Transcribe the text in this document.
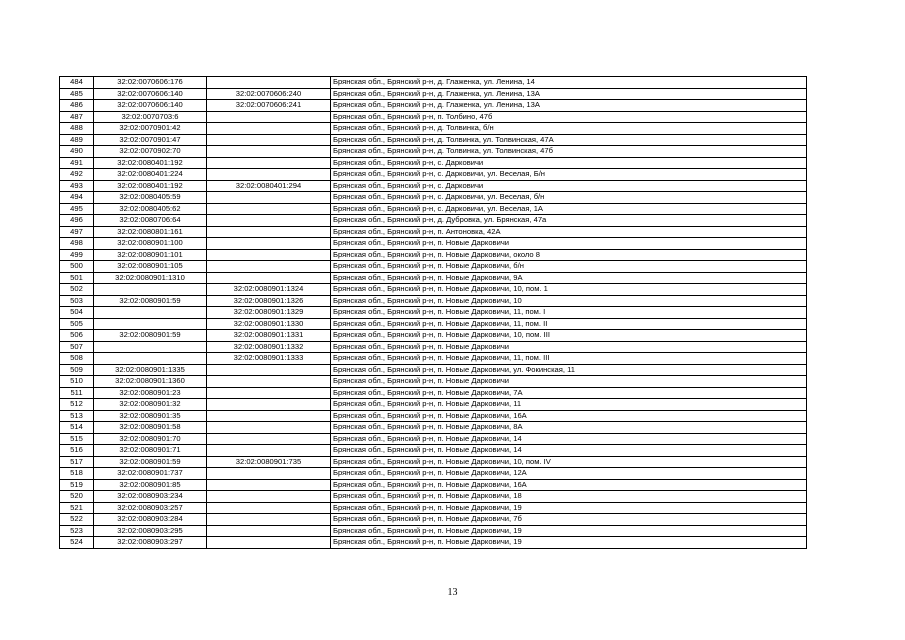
484	32:02:0070606:176		Брянская обл., Брянский р-н, д. Глаженка, ул. Ленина, 14
485	32:02:0070606:140	32:02:0070606:240	Брянская обл., Брянский р-н, д. Глаженка, ул. Ленина, 13А
486	32:02:0070606:140	32:02:0070606:241	Брянская обл., Брянский р-н, д. Глаженка, ул. Ленина, 13А
487	32:02:0070703:6		Брянская обл., Брянский р-н, п. Толбино, 47б
488	32:02:0070901:42		Брянская обл., Брянский р-н, д. Толвинка, б/н
489	32:02:0070901:47		Брянская обл., Брянский р-н, д. Толвинка, ул. Толвинская, 47А
490	32:02:0070902:70		Брянская обл., Брянский р-н, д. Толвинка, ул. Толвинская, 47б
491	32:02:0080401:192		Брянская обл., Брянский р-н, с. Дарковичи
492	32:02:0080401:224		Брянская обл., Брянский р-н, с. Дарковичи, ул. Веселая, Б/н
493	32:02:0080401:192	32:02:0080401:294	Брянская обл., Брянский р-н, с. Дарковичи
494	32:02:0080405:59		Брянская обл., Брянский р-н, с. Дарковичи, ул. Веселая, б/н
495	32:02:0080405:62		Брянская обл., Брянский р-н, с. Дарковичи, ул. Веселая, 1А
496	32:02:0080706:64		Брянская обл., Брянский р-н, д. Дубровка, ул. Брянская, 47а
497	32:02:0080801:161		Брянская обл., Брянский р-н, п. Антоновка, 42А
498	32:02:0080901:100		Брянская обл., Брянский р-н, п. Новые Дарковичи
499	32:02:0080901:101		Брянская обл., Брянский р-н, п. Новые Дарковичи, около 8
500	32:02:0080901:105		Брянская обл., Брянский р-н, п. Новые Дарковичи, б/н
501	32:02:0080901:1310		Брянская обл., Брянский р-н, п. Новые Дарковичи, 9А
502		32:02:0080901:1324	Брянская обл., Брянский р-н, п. Новые Дарковичи, 10, пом. 1
503	32:02:0080901:59	32:02:0080901:1326	Брянская обл., Брянский р-н, п. Новые Дарковичи, 10
504		32:02:0080901:1329	Брянская обл., Брянский р-н, п. Новые Дарковичи, 11, пом. I
505		32:02:0080901:1330	Брянская обл., Брянский р-н, п. Новые Дарковичи, 11, пом. II
506	32:02:0080901:59	32:02:0080901:1331	Брянская обл., Брянский р-н, п. Новые Дарковичи, 10, пом. III
507		32:02:0080901:1332	Брянская обл., Брянский р-н, п. Новые Дарковичи
508		32:02:0080901:1333	Брянская обл., Брянский р-н, п. Новые Дарковичи, 11, пом. III
509	32:02:0080901:1335		Брянская обл., Брянский р-н, п. Новые Дарковичи, ул. Фокинская, 11
510	32:02:0080901:1360		Брянская обл., Брянский р-н, п. Новые Дарковичи
511	32:02:0080901:23		Брянская обл., Брянский р-н, п. Новые Дарковичи, 7А
512	32:02:0080901:32		Брянская обл., Брянский р-н, п. Новые Дарковичи, 11
513	32:02:0080901:35		Брянская обл., Брянский р-н, п. Новые Дарковичи, 16А
514	32:02:0080901:58		Брянская обл., Брянский р-н, п. Новые Дарковичи, 8А
515	32:02:0080901:70		Брянская обл., Брянский р-н, п. Новые Дарковичи, 14
516	32:02:0080901:71		Брянская обл., Брянский р-н, п. Новые Дарковичи, 14
517	32:02:0080901:59	32:02:0080901:735	Брянская обл., Брянский р-н, п. Новые Дарковичи, 10, пом. IV
518	32:02:0080901:737		Брянская обл., Брянский р-н, п. Новые Дарковичи, 12А
519	32:02:0080901:85		Брянская обл., Брянский р-н, п. Новые Дарковичи, 16А
520	32:02:0080903:234		Брянская обл., Брянский р-н, п. Новые Дарковичи, 18
521	32:02:0080903:257		Брянская обл., Брянский р-н, п. Новые Дарковичи, 19
522	32:02:0080903:284		Брянская обл., Брянский р-н, п. Новые Дарковичи, 7б
523	32:02:0080903:295		Брянская обл., Брянский р-н, п. Новые Дарковичи, 19
524	32:02:0080903:297		Брянская обл., Брянский р-н, п. Новые Дарковичи, 19
13
